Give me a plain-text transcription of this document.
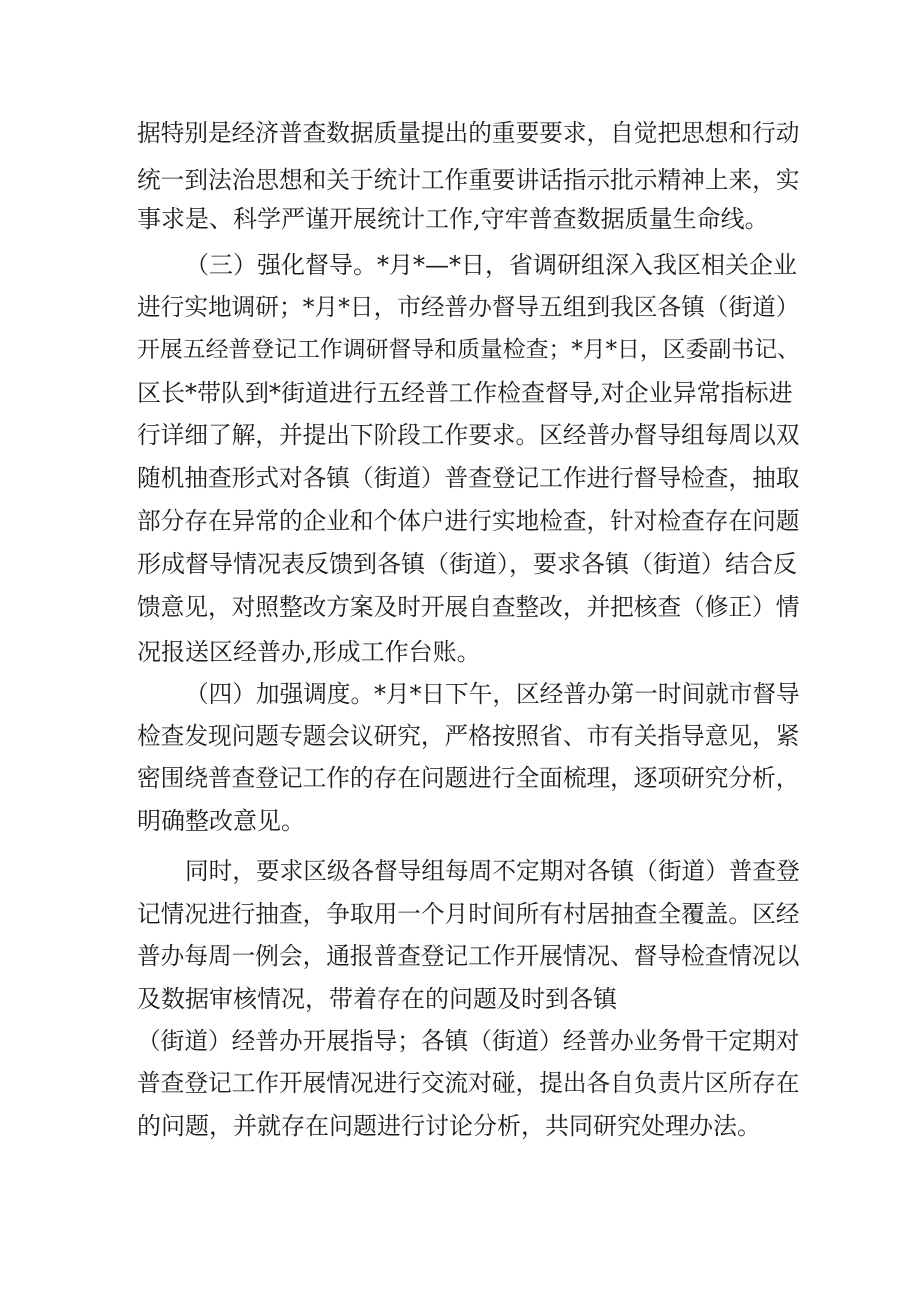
据特别是经济普查数据质量提出的重要要求，自觉把思想和行动
统一到法治思想和关于统计工作重要讲话指示批示精神上来，实
事求是、科学严谨开展统计工作,守牢普查数据质量生命线。
（三）强化督导。*月*—*日，省调研组深入我区相关企业
进行实地调研；*月*日，市经普办督导五组到我区各镇（街道）
开展五经普登记工作调研督导和质量检查；*月*日，区委副书记、
区长*带队到*街道进行五经普工作检查督导,对企业异常指标进
行详细了解，并提出下阶段工作要求。区经普办督导组每周以双
随机抽查形式对各镇（街道）普查登记工作进行督导检查，抽取
部分存在异常的企业和个体户进行实地检查，针对检查存在问题
形成督导情况表反馈到各镇（街道），要求各镇（街道）结合反
馈意见，对照整改方案及时开展自查整改，并把核查（修正）情
况报送区经普办,形成工作台账。
（四）加强调度。*月*日下午，区经普办第一时间就市督导
检查发现问题专题会议研究，严格按照省、市有关指导意见，紧
密围绕普查登记工作的存在问题进行全面梳理，逐项研究分析，
明确整改意见。
同时，要求区级各督导组每周不定期对各镇（街道）普查登
记情况进行抽查，争取用一个月时间所有村居抽查全覆盖。区经
普办每周一例会，通报普查登记工作开展情况、督导检查情况以
及数据审核情况，带着存在的问题及时到各镇
（街道）经普办开展指导；各镇（街道）经普办业务骨干定期对
普查登记工作开展情况进行交流对碰，提出各自负责片区所存在
的问题，并就存在问题进行讨论分析，共同研究处理办法。
